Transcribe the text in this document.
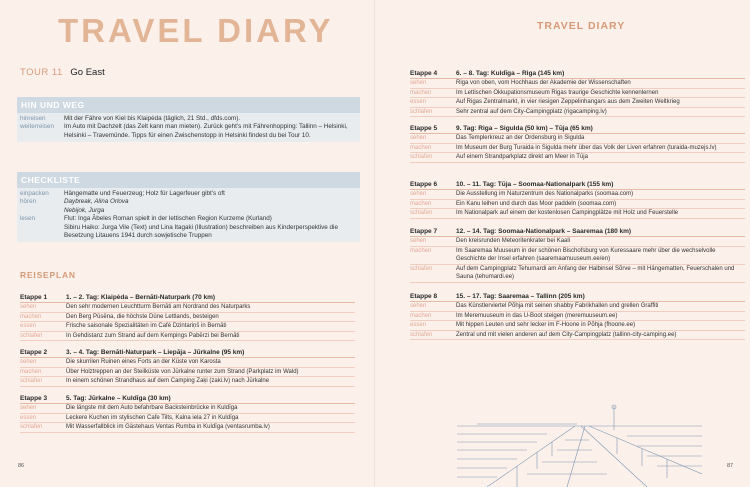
TRAVEL DIARY
TOUR 11 Go East
HIN UND WEG
hinreisen	Mit der Fähre von Kiel bis Klaipėda (täglich, 21 Std., dfds.com).
weiterreisen	Im Auto mit Dachzelt (das Zelt kann man mieten). Zurück geht’s mit Fährenhopping: Tallinn – Helsinki, Helsinki – Travemünde. Tipps für einen Zwischenstopp in Helsinki findest du bei Tour 10.
CHECKLISTE
einpacken	Hängematte und Feuerzeug; Holz für Lagerfeuer gibt’s oft
hören	Daybreak, Alina Orlova
Nebijok, Jurga
lesen	Flut: Inga Ābeles Roman spielt in der lettischen Region Kurzeme (Kurland)
Sibiru Haiko: Jurga Vile (Text) und Lina Itagaki (Illustration) beschreiben aus Kinderperspektive die Besetzung Litauens 1941 durch sowjetische Truppen
REISEPLAN
Etappe 1	1. – 2. Tag: Klaipėda – Bernāti-Naturpark (70 km)
sehen	Den sehr modernen Leuchtturm Bernāti am Nordrand des Naturparks
machen	Den Berg Pūsēna, die höchste Düne Lettlands, besteigen
essen	Frische saisonale Spezialitäten im Café Dzintariņš in Bernāti
schlafen	In Gehdistanz zum Strand auf dem Kempings Pabērzi bei Bernāti
Etappe 2	3. – 4. Tag: Bernāti-Naturpark – Liepāja – Jūrkalne (95 km)
sehen	Die skurrilen Ruinen eines Forts an der Küste von Karosta
machen	Über Holztreppen an der Steilküste von Jūrkalne runter zum Strand (Parkplatz im Wald)
schlafen	In einem schönen Strandhaus auf dem Camping Zaķi (zaki.lv) nach Jūrkalne
Etappe 3	5. Tag: Jūrkalne – Kuldīga (30 km)
sehen	Die längste mit dem Auto befahrbare Backsteinbrücke in Kuldīga
essen	Leckere Kuchen im stylischen Cafe Tilts, Kalna iela 27 in Kuldīga
schlafen	Mit Wasserfallblick im Gästehaus Ventas Rumba in Kuldīga (ventasrumba.lv)
86
TRAVEL DIARY
Etappe 4	6. – 8. Tag: Kuldīga – Riga (145 km)
sehen	Riga von oben, vom Hochhaus der Akademie der Wissenschaften
machen	Im Lettischen Okkupationsmuseum Rigas traurige Geschichte kennenlernen
essen	Auf Rigas Zentralmarkt, in vier riesigen Zeppelinhangars aus dem Zweiten Weltkrieg
schlafen	Sehr zentral auf dem City-Campingplatz (rigacamping.lv)
Etappe 5	9. Tag: Riga – Sigulda (50 km) – Tūja (65 km)
sehen	Das Templerkreuz an der Ordensburg in Sigulda
machen	Im Museum der Burg Turaida in Sigulda mehr über das Volk der Liven erfahren (turaida-muzejs.lv)
schlafen	Auf einem Strandparkplatz direkt am Meer in Tūja
Etappe 6	10. – 11. Tag: Tūja – Soomaa-Nationalpark (155 km)
sehen	Die Ausstellung im Naturzentrum des Nationalparks (soomaa.com)
machen	Ein Kanu leihen und durch das Moor paddeln (soomaa.com)
schlafen	Im Nationalpark auf einem der kostenlosen Campingplätze mit Holz und Feuerstelle
Etappe 7	12. – 14. Tag: Soomaa-Nationalpark – Saaremaa (180 km)
sehen	Den kreisrunden Meteoritenkrater bei Kaali
machen	Im Saaremaa Muuseum in der schönen Bischofsburg von Kuressaare mehr über die wechselvolle Geschichte der Insel erfahren (saaremaamuuseum.ee/en)
schlafen	Auf dem Campingplatz Tehumardi am Anfang der Halbinsel Sõrve – mit Hängematten, Feuerschalen und Sauna (tehumardi.ee)
Etappe 8	15. – 17. Tag: Saaremaa – Tallinn (205 km)
sehen	Das Künstlerviertel Põhja mit seinen shabby Fabrikhallen und grellen Graffiti
machen	Im Meremuuseum in das U-Boot steigen (meremuuseum.ee)
essen	Mit hippen Leuten und sehr lecker im F-Hoone in Põhja (fhoone.ee)
schlafen	Zentral und mit vielen anderen auf dem City-Campingplatz (tallinn-city-camping.ee)
87
